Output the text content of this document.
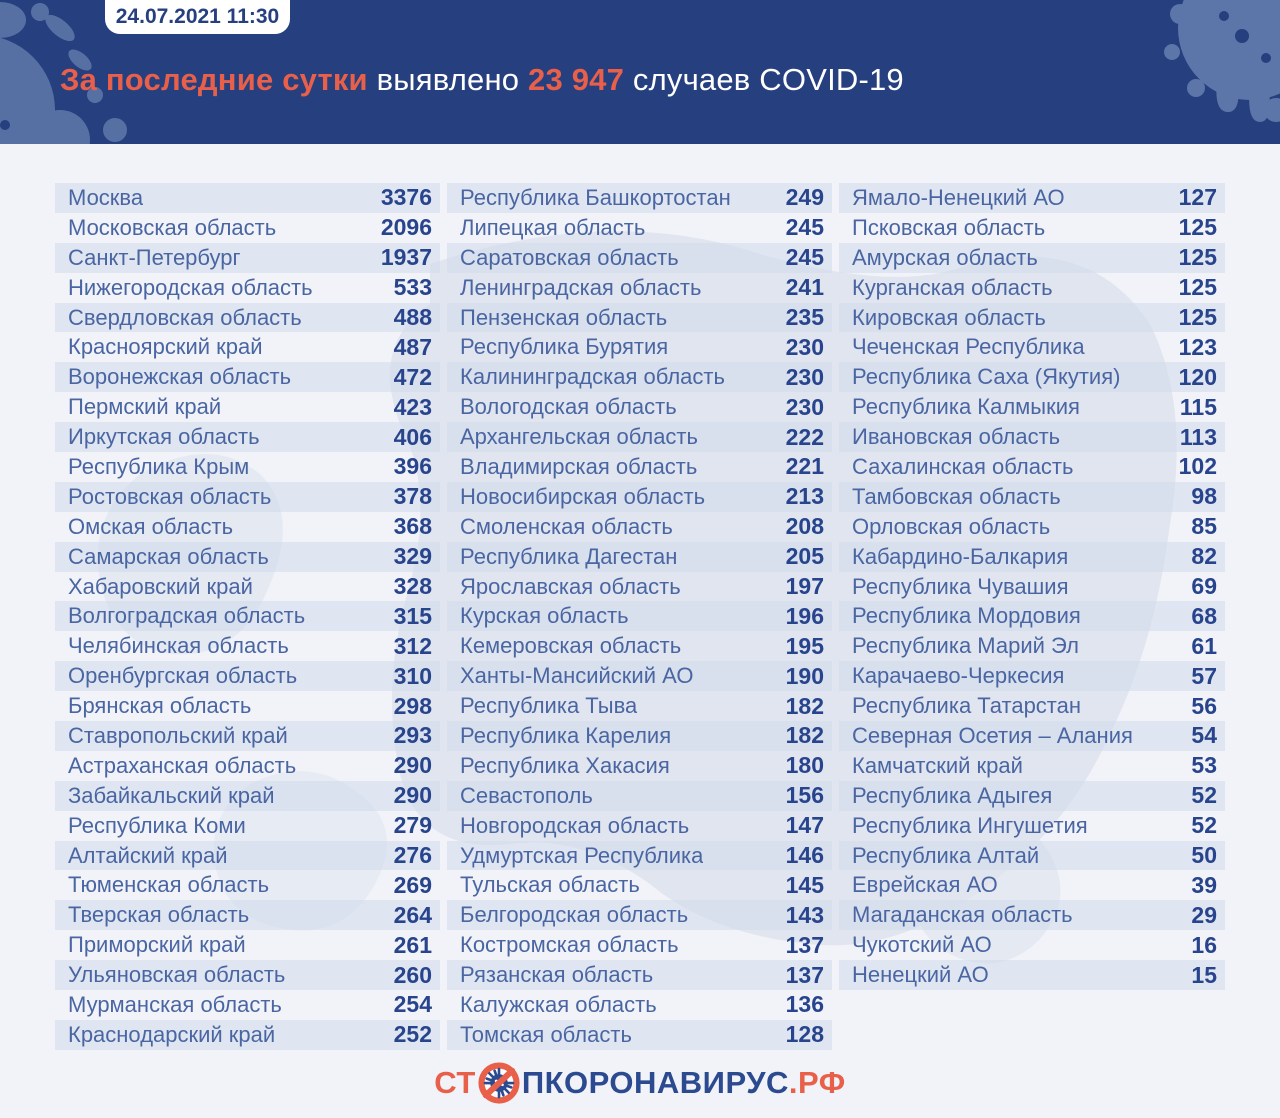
24.07.2021 11:30
За последние сутки выявлено 23 947 случаев COVID-19
Москва	3376
Московская область	2096
Санкт-Петербург	1937
Нижегородская область	533
Свердловская область	488
Красноярский край	487
Воронежская область	472
Пермский край	423
Иркутская область	406
Республика Крым	396
Ростовская область	378
Омская область	368
Самарская область	329
Хабаровский край	328
Волгоградская область	315
Челябинская область	312
Оренбургская область	310
Брянская область	298
Ставропольский край	293
Астраханская область	290
Забайкальский край	290
Республика Коми	279
Алтайский край	276
Тюменская область	269
Тверская область	264
Приморский край	261
Ульяновская область	260
Мурманская область	254
Краснодарский край	252
Республика Башкортостан	249
Липецкая область	245
Саратовская область	245
Ленинградская область	241
Пензенская область	235
Республика Бурятия	230
Калининградская область	230
Вологодская область	230
Архангельская область	222
Владимирская область	221
Новосибирская область	213
Смоленская область	208
Республика Дагестан	205
Ярославская область	197
Курская область	196
Кемеровская область	195
Ханты-Мансийский АО	190
Республика Тыва	182
Республика Карелия	182
Республика Хакасия	180
Севастополь	156
Новгородская область	147
Удмуртская Республика	146
Тульская область	145
Белгородская область	143
Костромская область	137
Рязанская область	137
Калужская область	136
Томская область	128
Ямало-Ненецкий АО	127
Псковская область	125
Амурская область	125
Курганская область	125
Кировская область	125
Чеченская Республика	123
Республика Саха (Якутия)	120
Республика Калмыкия	115
Ивановская область	113
Сахалинская область	102
Тамбовская область	98
Орловская область	85
Кабардино-Балкария	82
Республика Чувашия	69
Республика Мордовия	68
Республика Марий Эл	61
Карачаево-Черкесия	57
Республика Татарстан	56
Северная Осетия – Алания	54
Камчатский край	53
Республика Адыгея	52
Республика Ингушетия	52
Республика Алтай	50
Еврейская АО	39
Магаданская область	29
Чукотский АО	16
Ненецкий АО	15
СТ ПКОРОНАВИРУС .РФ
